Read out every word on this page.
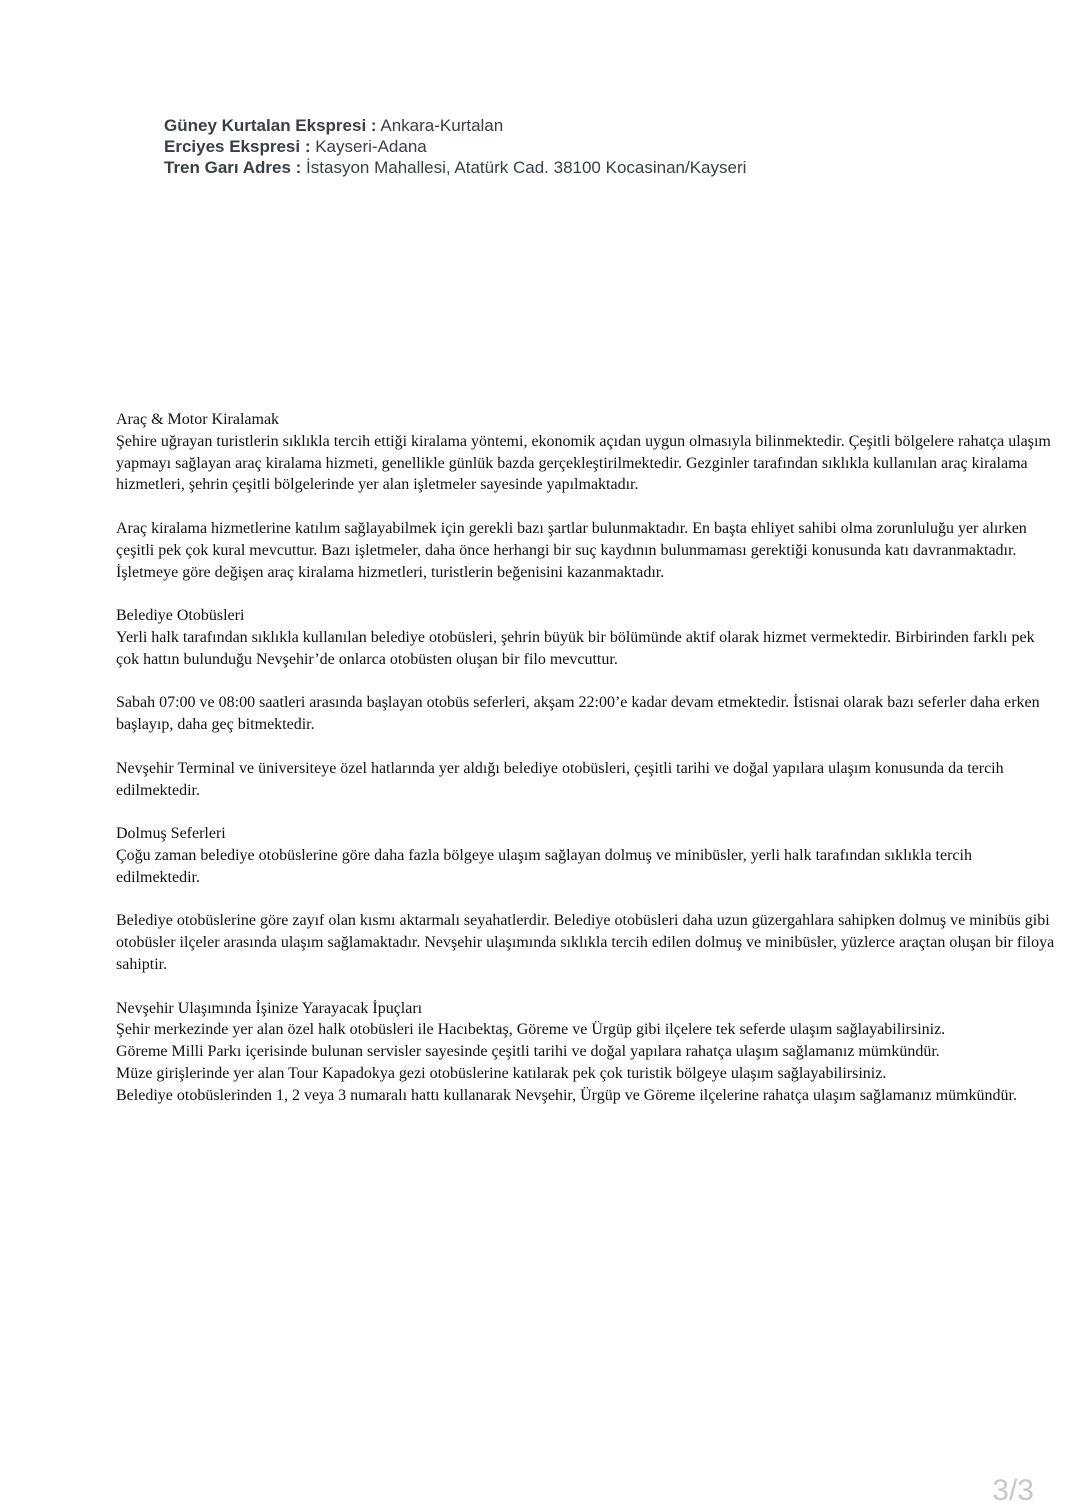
Güney Kurtalan Ekspresi : Ankara-Kurtalan
Erciyes Ekspresi : Kayseri-Adana
Tren Garı Adres : İstasyon Mahallesi, Atatürk Cad. 38100 Kocasinan/Kayseri
Araç & Motor Kiralamak

Şehire uğrayan turistlerin sıklıkla tercih ettiği kiralama yöntemi, ekonomik açıdan uygun olmasıyla bilinmektedir. Çeşitli bölgelere rahatça ulaşım yapmayı sağlayan araç kiralama hizmeti, genellikle günlük bazda gerçekleştirilmektedir. Gezginler tarafından sıklıkla kullanılan araç kiralama hizmetleri, şehrin çeşitli bölgelerinde yer alan işletmeler sayesinde yapılmaktadır.

Araç kiralama hizmetlerine katılım sağlayabilmek için gerekli bazı şartlar bulunmaktadır. En başta ehliyet sahibi olma zorunluluğu yer alırken çeşitli pek çok kural mevcuttur. Bazı işletmeler, daha önce herhangi bir suç kaydının bulunmaması gerektiği konusunda katı davranmaktadır. İşletmeye göre değişen araç kiralama hizmetleri, turistlerin beğenisini kazanmaktadır.

Belediye Otobüsleri

Yerli halk tarafından sıklıkla kullanılan belediye otobüsleri, şehrin büyük bir bölümünde aktif olarak hizmet vermektedir. Birbirinden farklı pek çok hattın bulunduğu Nevşehir’de onlarca otobüsten oluşan bir filo mevcuttur.

Sabah 07:00 ve 08:00 saatleri arasında başlayan otobüs seferleri, akşam 22:00’e kadar devam etmektedir. İstisnai olarak bazı seferler daha erken başlayıp, daha geç bitmektedir.

Nevşehir Terminal ve üniversiteye özel hatlarında yer aldığı belediye otobüsleri, çeşitli tarihi ve doğal yapılara ulaşım konusunda da tercih edilmektedir.

Dolmuş Seferleri

Çoğu zaman belediye otobüslerine göre daha fazla bölgeye ulaşım sağlayan dolmuş ve minibüsler, yerli halk tarafından sıklıkla tercih edilmektedir.

Belediye otobüslerine göre zayıf olan kısmı aktarmalı seyahatlerdir. Belediye otobüsleri daha uzun güzergahlara sahipken dolmuş ve minibüs gibi otobüsler ilçeler arasında ulaşım sağlamaktadır. Nevşehir ulaşımında sıklıkla tercih edilen dolmuş ve minibüsler, yüzlerce araçtan oluşan bir filoya sahiptir.

Nevşehir Ulaşımında İşinize Yarayacak İpuçları
Şehir merkezinde yer alan özel halk otobüsleri ile Hacıbektaş, Göreme ve Ürgüp gibi ilçelere tek seferde ulaşım sağlayabilirsiniz.
Göreme Milli Parkı içerisinde bulunan servisler sayesinde çeşitli tarihi ve doğal yapılara rahatça ulaşım sağlamanız mümkündür.
Müze girişlerinde yer alan Tour Kapadokya gezi otobüslerine katılarak pek çok turistik bölgeye ulaşım sağlayabilirsiniz.
Belediye otobüslerinden 1, 2 veya 3 numaralı hattı kullanarak Nevşehir, Ürgüp ve Göreme ilçelerine rahatça ulaşım sağlamanız mümkündür.
3/3
